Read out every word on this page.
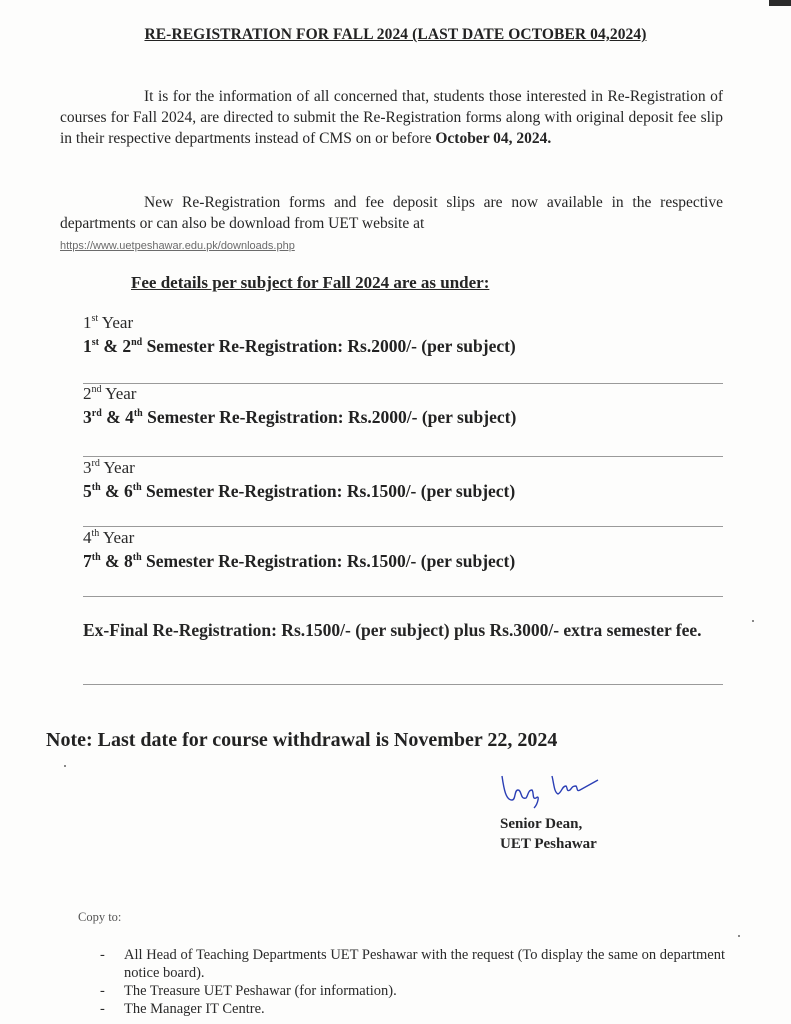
RE-REGISTRATION FOR FALL 2024 (LAST DATE OCTOBER 04,2024)
It is for the information of all concerned that, students those interested in Re-Registration of courses for Fall 2024, are directed to submit the Re-Registration forms along with original deposit fee slip in their respective departments instead of CMS on or before October 04, 2024.
New Re-Registration forms and fee deposit slips are now available in the respective departments or can also be download from UET website at
https://www.uetpeshawar.edu.pk/downloads.php
Fee details per subject for Fall 2024 are as under:
1st Year
1st & 2nd Semester Re-Registration: Rs.2000/- (per subject)
2nd Year
3rd & 4th Semester Re-Registration: Rs.2000/- (per subject)
3rd Year
5th & 6th Semester Re-Registration: Rs.1500/- (per subject)
4th Year
7th & 8th Semester Re-Registration: Rs.1500/- (per subject)
Ex-Final Re-Registration: Rs.1500/- (per subject) plus Rs.3000/- extra semester fee.
Note: Last date for course withdrawal is November 22, 2024
Senior Dean,
UET Peshawar
Copy to:
- All Head of Teaching Departments UET Peshawar with the request (To display the same on department notice board).
- The Treasure UET Peshawar (for information).
- The Manager IT Centre.
